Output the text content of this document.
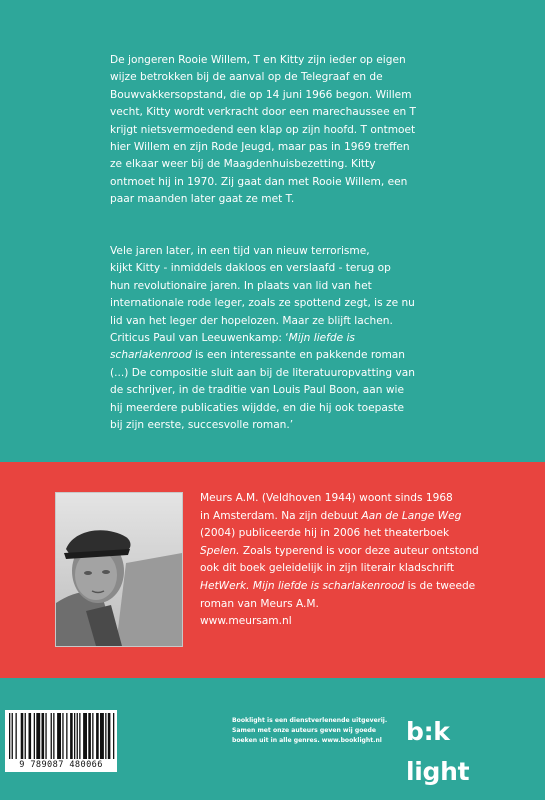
De jongeren Rooie Willem, T en Kitty zijn ieder op eigen
wijze betrokken bij de aanval op de Telegraaf en de
Bouwvakkersopstand, die op 14 juni 1966 begon. Willem
vecht, Kitty wordt verkracht door een marechaussee en T
krijgt nietsvermoedend een klap op zijn hoofd. T ontmoet
hier Willem en zijn Rode Jeugd, maar pas in 1969 treffen
ze elkaar weer bij de Maagdenhuisbezetting. Kitty
ontmoet hij in 1970. Zij gaat dan met Rooie Willem, een
paar maanden later gaat ze met T.
Vele jaren later, in een tijd van nieuw terrorisme,
kijkt Kitty - inmiddels dakloos en verslaafd - terug op
hun revolutionaire jaren. In plaats van lid van het
internationale rode leger, zoals ze spottend zegt, is ze nu
lid van het leger der hopelozen. Maar ze blijft lachen.
Criticus Paul van Leeuwenkamp: ‘Mijn liefde is
scharlakenrood is een interessante en pakkende roman
(...) De compositie sluit aan bij de literatuuropvatting van
de schrijver, in de traditie van Louis Paul Boon, aan wie
hij meerdere publicaties wijdde, en die hij ook toepaste
bij zijn eerste, succesvolle roman.’
Meurs A.M. (Veldhoven 1944) woont sinds 1968
in Amsterdam. Na zijn debuut Aan de Lange Weg
(2004) publiceerde hij in 2006 het theaterboek
Spelen. Zoals typerend is voor deze auteur ontstond
ook dit boek geleidelijk in zijn literair kladschrift
HetWerk. Mijn liefde is scharlakenrood is de tweede
roman van Meurs A.M.
www.meursam.nl
9 789087 480066
Booklight is een dienstverlenende uitgeverij.
Samen met onze auteurs geven wij goede
boeken uit in alle genres. www.booklight.nl b:k light
